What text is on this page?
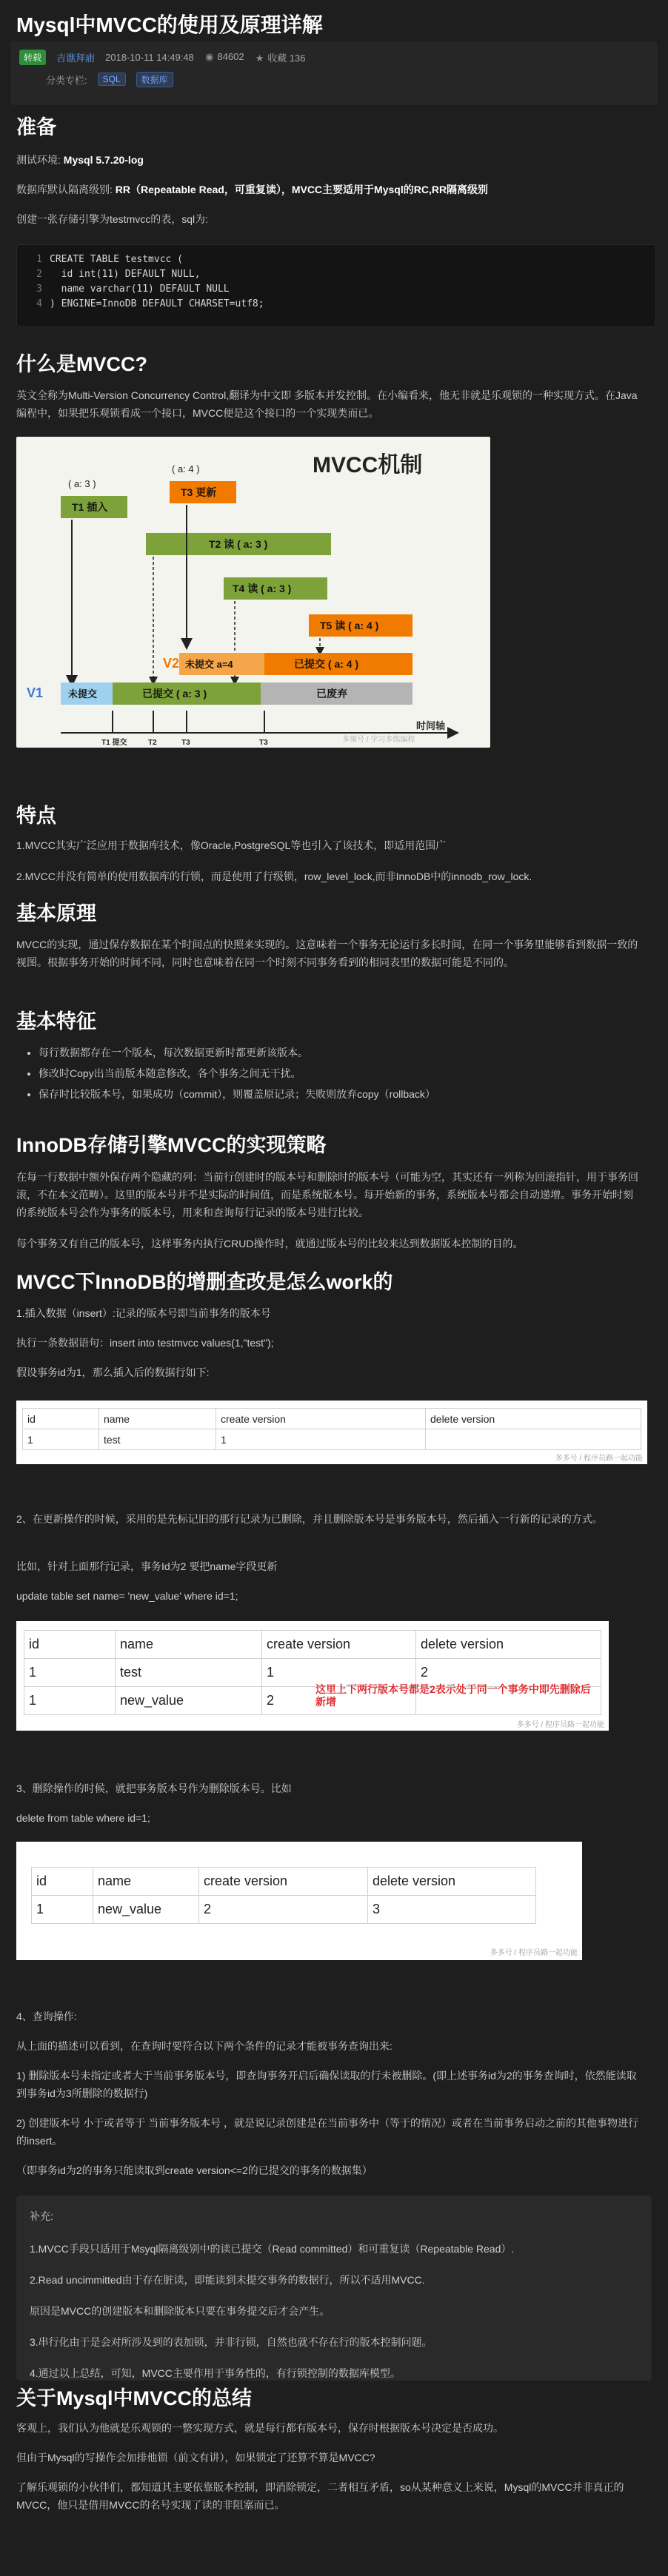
Mysql中MVCC的使用及原理详解
转载	吉谯拜庙 2018-10-11 14:49:48 ◉ 84602 ★ 收藏 136
分类专栏:	SQL	数据库
准备

测试环境: Mysql 5.7.20-log

数据库默认隔离级别: RR（Repeatable Read，可重复读），MVCC主要适用于Mysql的RC,RR隔离级别

创建一张存储引擎为testmvcc的表，sql为:

1 CREATE TABLE testmvcc (
2  id int(11) DEFAULT NULL,
3  name varchar(11) DEFAULT NULL
4 ) ENGINE=InnoDB DEFAULT CHARSET=utf8;
什么是MVCC?

英文全称为Multi-Version Concurrency Control,翻译为中文即 多版本并发控制。在小编看来，他无非就是乐观锁的一种实现方式。在Java编程中，如果把乐观锁看成一个接口，MVCC便是这个接口的一个实现类而已。

MVCC机制
( a: 4 )
( a: 3 )
T3 更新
T1 插入
T2 读 ( a: 3 )
T4 读 ( a: 3 )
T5 读 ( a: 4 )
V2 未提交 a=4	已提交 ( a: 4 )
V1	未提交	已提交 ( a: 3 )	已废弃
时间轴
T1 提交	T2	T3	T3	多频号 / 学习多练编程
特点

1.MVCC其实广泛应用于数据库技术，像Oracle,PostgreSQL等也引入了该技术，即适用范围广

2.MVCC并没有简单的使用数据库的行锁，而是使用了行级锁，row_level_lock,而非InnoDB中的innodb_row_lock.

基本原理

MVCC的实现，通过保存数据在某个时间点的快照来实现的。这意味着一个事务无论运行多长时间，在同一个事务里能够看到数据一致的视图。根据事务开始的时间不同，同时也意味着在同一个时刻不同事务看到的相同表里的数据可能是不同的。

基本特征
• 每行数据都存在一个版本，每次数据更新时都更新该版本。
• 修改时Copy出当前版本随意修改，各个事务之间无干扰。
• 保存时比较版本号，如果成功（commit），则覆盖原记录；失败则放弃copy（rollback）
InnoDB存储引擎MVCC的实现策略

在每一行数据中额外保存两个隐藏的列：当前行创建时的版本号和删除时的版本号（可能为空，其实还有一列称为回滚指针，用于事务回滚，不在本文范畴）。这里的版本号并不是实际的时间值，而是系统版本号。每开始新的事务，系统版本号都会自动递增。事务开始时刻的系统版本号会作为事务的版本号，用来和查询每行记录的版本号进行比较。

每个事务又有自己的版本号，这样事务内执行CRUD操作时，就通过版本号的比较来达到数据版本控制的目的。

MVCC下InnoDB的增删查改是怎么work的

1.插入数据（insert）:记录的版本号即当前事务的版本号

执行一条数据语句：insert into testmvcc values(1,"test");

假设事务id为1，那么插入后的数据行如下:

id	name	create version	delete version
1	test	1	
多多号 / 程序员路一起功能

2、在更新操作的时候，采用的是先标记旧的那行记录为已删除，并且删除版本号是事务版本号，然后插入一行新的记录的方式。

比如，针对上面那行记录，事务Id为2 要把name字段更新

update table set name= 'new_value' where id=1;

id	name	create version	delete version
1	test	1	2
1	new_value	2	
这里上下两行版本号都是2表示处于同一个事务中即先删除后新增
多多号 / 程序员路一起功能

3、删除操作的时候，就把事务版本号作为删除版本号。比如

delete from table where id=1;

id	name	create version	delete version
1	new_value	2	3
多多号 / 程序员路一起功能

4、查询操作:

从上面的描述可以看到，在查询时要符合以下两个条件的记录才能被事务查询出来:

1) 删除版本号未指定或者大于当前事务版本号，即查询事务开启后确保读取的行未被删除。(即上述事务id为2的事务查询时，依然能读取到事务id为3所删除的数据行)

2) 创建版本号 小于或者等于 当前事务版本号 ，就是说记录创建是在当前事务中（等于的情况）或者在当前事务启动之前的其他事物进行的insert。

（即事务id为2的事务只能读取到create version<=2的已提交的事务的数据集）

补充:

1.MVCC手段只适用于Msyql隔离级别中的读已提交（Read committed）和可重复读（Repeatable Read）.

2.Read uncimmitted由于存在脏读，即能读到未提交事务的数据行，所以不适用MVCC.

原因是MVCC的创建版本和删除版本只要在事务提交后才会产生。

3.串行化由于是会对所涉及到的表加锁，并非行锁，自然也就不存在行的版本控制问题。

4.通过以上总结，可知，MVCC主要作用于事务性的，有行锁控制的数据库模型。

关于Mysql中MVCC的总结

客观上，我们认为他就是乐观锁的一整实现方式，就是每行都有版本号，保存时根据版本号决定是否成功。

但由于Mysql的写操作会加排他锁（前文有讲），如果锁定了还算不算是MVCC?

了解乐观锁的小伙伴们，都知道其主要依靠版本控制，即消除锁定，二者相互矛盾，so从某种意义上来说，Mysql的MVCC并非真正的MVCC，他只是借用MVCC的名号实现了读的非阻塞而已。
